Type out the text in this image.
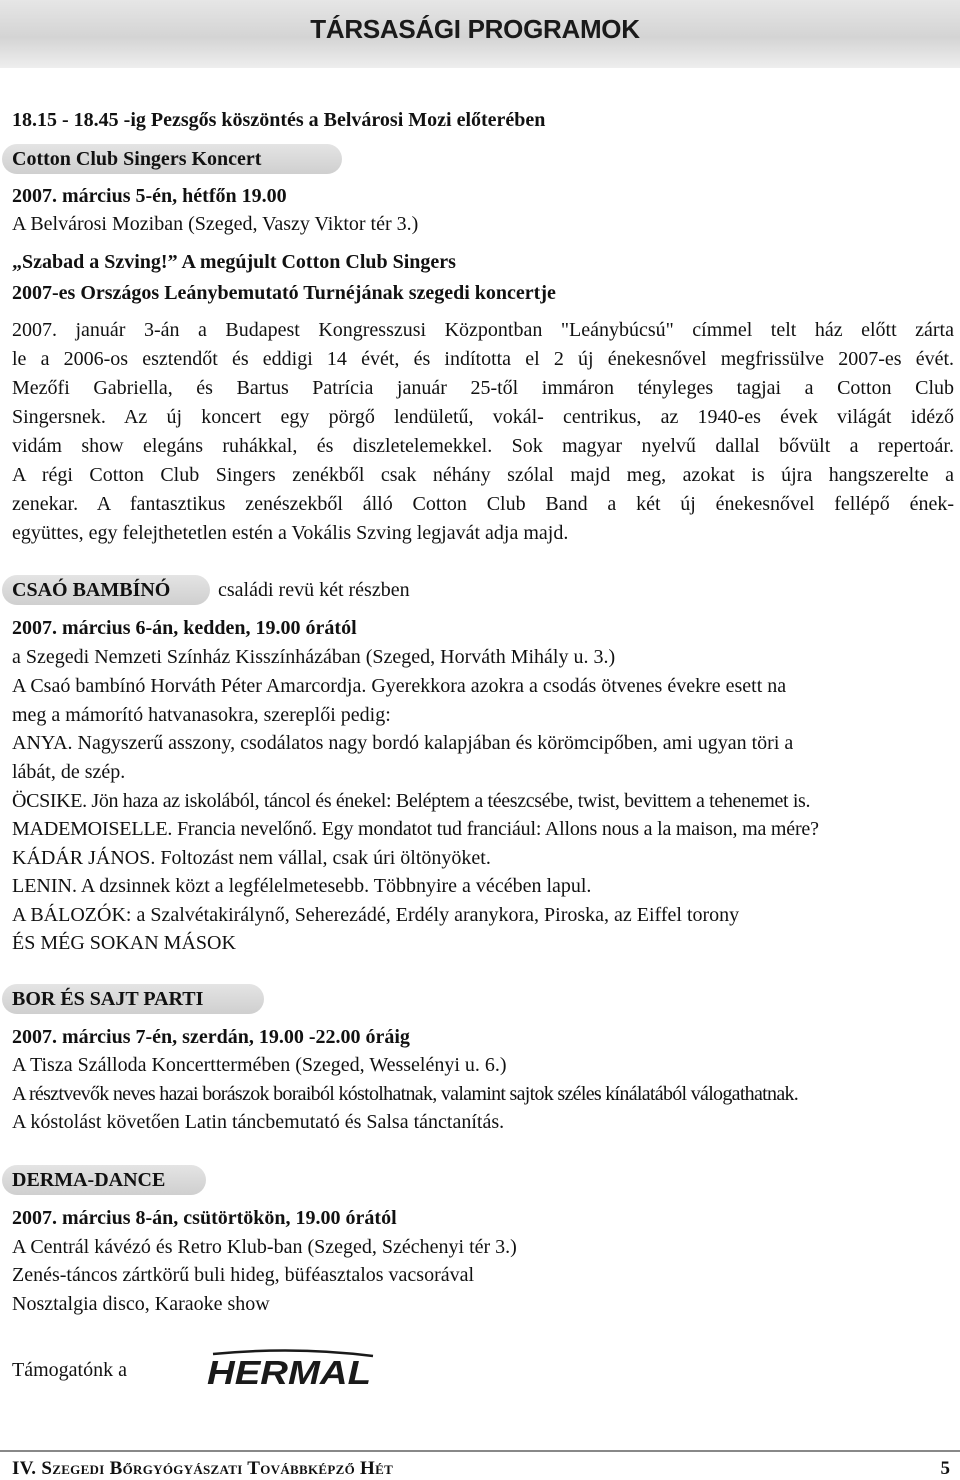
TÁRSASÁGI PROGRAMOK
18.15 - 18.45 -ig Pezsgős köszöntés a Belvárosi Mozi előterében
Cotton Club Singers Koncert
2007. március 5-én, hétfőn 19.00
A Belvárosi Moziban (Szeged, Vaszy Viktor tér 3.)
„Szabad a Szving!” A megújult Cotton Club Singers
2007-es Országos Leánybemutató Turnéjának szegedi koncertje
2007. január 3-án a Budapest Kongresszusi Központban "Leánybúcsú" címmel telt ház előtt zárta
le a 2006-os esztendőt és eddigi 14 évét, és indította el 2 új énekesnővel megfrissülve 2007-es évét.
Mezőfi Gabriella, és Bartus Patrícia január 25-től immáron tényleges tagjai a Cotton Club
Singersnek. Az új koncert egy pörgő lendületű, vokál- centrikus, az 1940-es évek világát idéző
vidám show elegáns ruhákkal, és diszletelemekkel. Sok magyar nyelvű dallal bővült a repertoár.
A régi Cotton Club Singers zenékből csak néhány szólal majd meg, azokat is újra hangszerelte a
zenekar. A fantasztikus zenészekből álló Cotton Club Band a két új énekesnővel fellépő ének-
együttes, egy felejthetetlen estén a Vokális Szving legjavát adja majd.
CSAÓ BAMBÍNÓ családi revü két részben
2007. március 6-án, kedden, 19.00 órától
a Szegedi Nemzeti Színház Kisszínházában (Szeged, Horváth Mihály u. 3.)
A Csaó bambínó Horváth Péter Amarcordja. Gyerekkora azokra a csodás ötvenes évekre esett na
meg a mámorító hatvanasokra, szereplői pedig:
ANYA. Nagyszerű asszony, csodálatos nagy bordó kalapjában és körömcipőben, ami ugyan töri a
lábát, de szép.
ÖCSIKE. Jön haza az iskolából, táncol és énekel: Beléptem a téeszcsébe, twist, bevittem a tehenemet is.
MADEMOISELLE. Francia nevelőnő. Egy mondatot tud franciául: Allons nous a la maison, ma mére?
KÁDÁR JÁNOS. Foltozást nem vállal, csak úri öltönyöket.
LENIN. A dzsinnek közt a legfélelmetesebb. Többnyire a vécében lapul.
A BÁLOZÓK: a Szalvétakirálynő, Seherezádé, Erdély aranykora, Piroska, az Eiffel torony
ÉS MÉG SOKAN MÁSOK
BOR ÉS SAJT PARTI
2007. március 7-én, szerdán, 19.00 -22.00 óráig
A Tisza Szálloda Koncerttermében (Szeged, Wesselényi u. 6.)
A résztvevők neves hazai borászok boraiból kóstolhatnak, valamint sajtok széles kínálatából válogathatnak.
A kóstolást követően Latin táncbemutató és Salsa tánctanítás.
DERMA-DANCE
2007. március 8-án, csütörtökön, 19.00 órától
A Centrál kávézó és Retro Klub-ban (Szeged, Széchenyi tér 3.)
Zenés-táncos zártkörű buli hideg, büféasztalos vacsorával
Nosztalgia disco, Karaoke show
Támogatónk a HERMAL
IV. Szegedi Bőrgyógyászati Továbbképző Hét	5
